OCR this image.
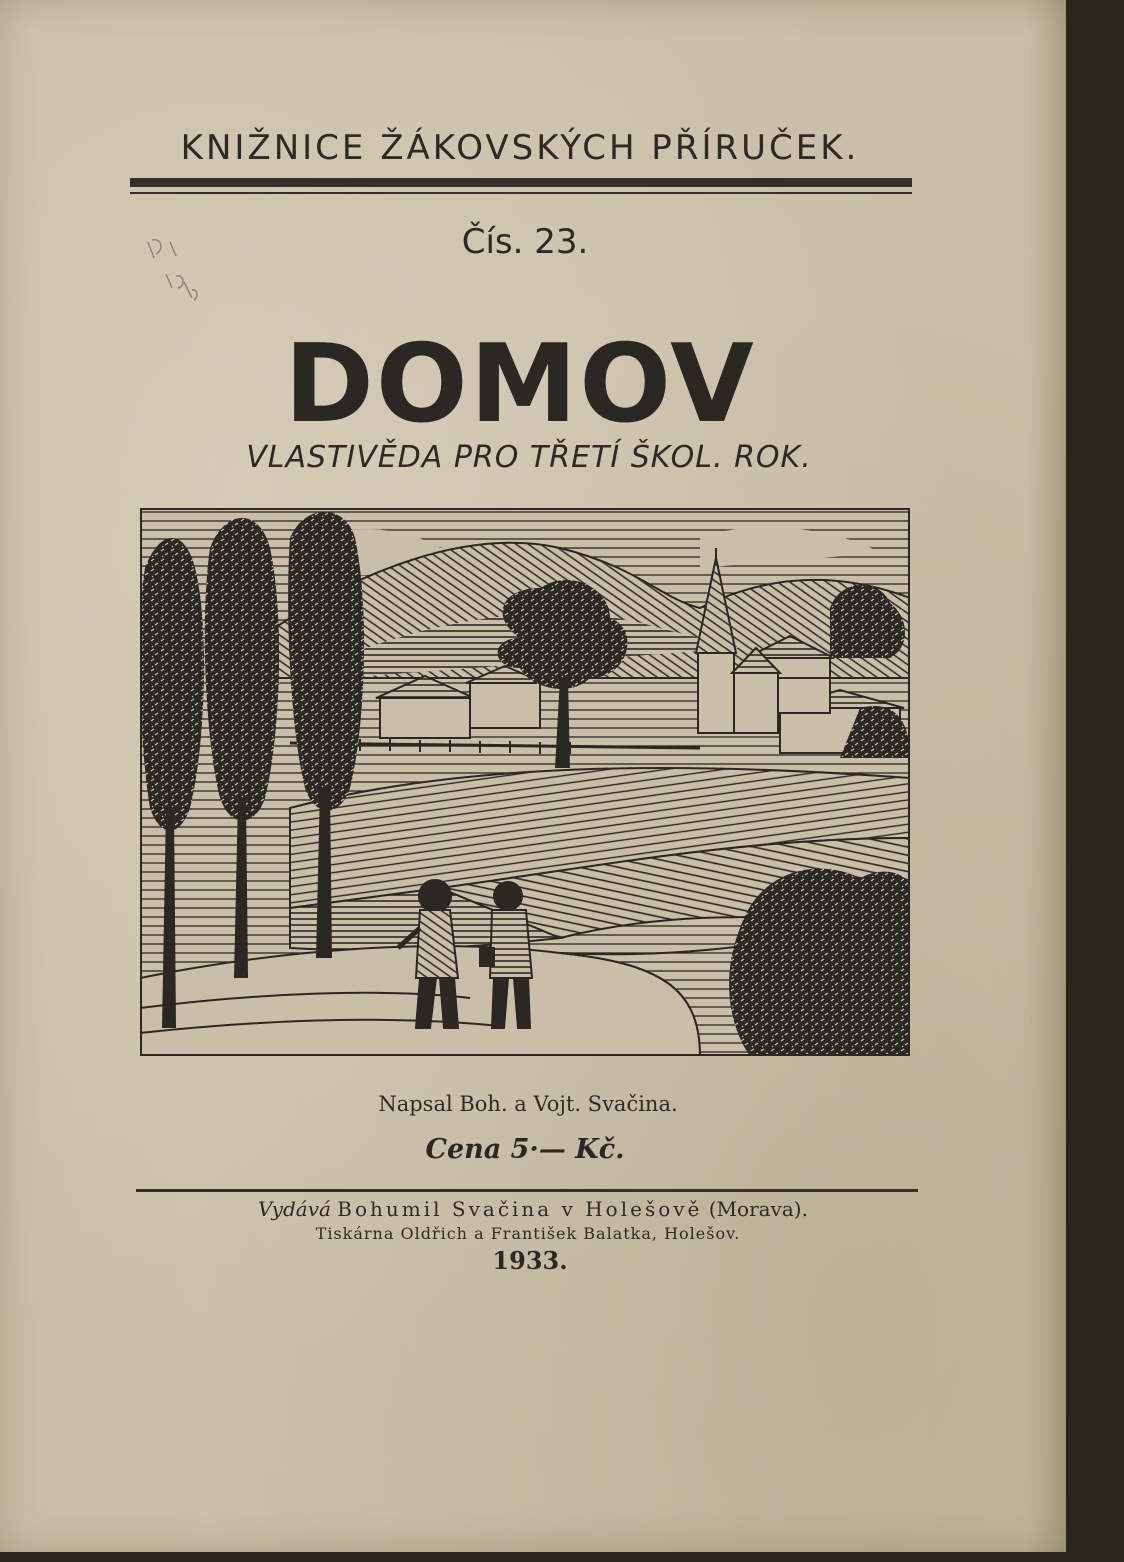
KNIŽNICE ŽÁKOVSKÝCH PŘÍRUČEK.
Čís. 23.
DOMOV
VLASTIVĚDA PRO TŘETÍ ŠKOL. ROK.
Napsal Boh. a Vojt. Svačina.
Cena 5·— Kč.
Vydává Bohumil Svačina v Holešově (Morava).
Tiskárna Oldřich a František Balatka, Holešov.
1933.
